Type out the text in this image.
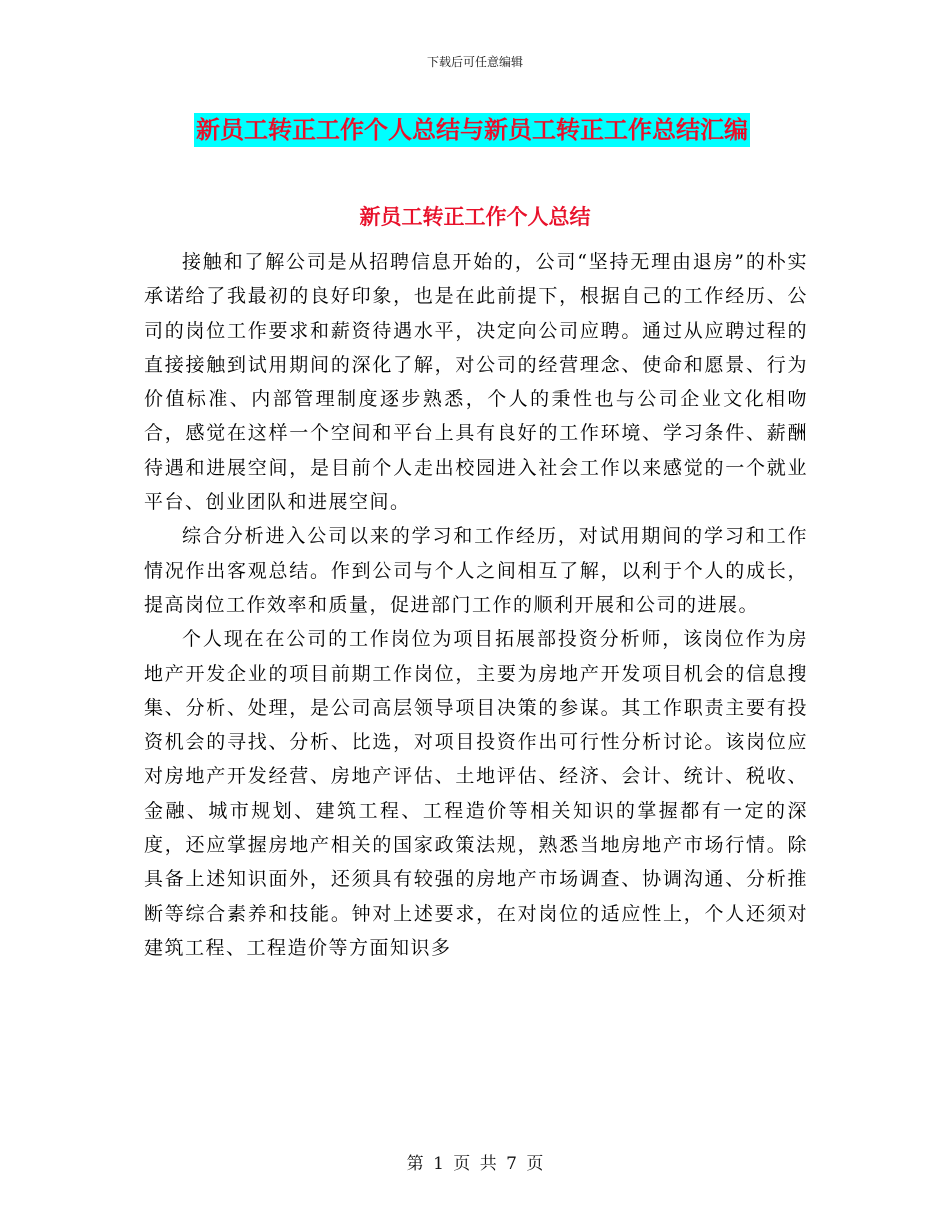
下载后可任意编辑
新员工转正工作个人总结与新员工转正工作总结汇编
新员工转正工作个人总结

接触和了解公司是从招聘信息开始的，公司“坚持无理由退房”的朴实承诺给了我最初的良好印象，也是在此前提下，根据自己的工作经历、公司的岗位工作要求和薪资待遇水平，决定向公司应聘。通过从应聘过程的直接接触到试用期间的深化了解，对公司的经营理念、使命和愿景、行为价值标准、内部管理制度逐步熟悉，个人的秉性也与公司企业文化相吻合，感觉在这样一个空间和平台上具有良好的工作环境、学习条件、薪酬待遇和进展空间，是目前个人走出校园进入社会工作以来感觉的一个就业平台、创业团队和进展空间。

综合分析进入公司以来的学习和工作经历，对试用期间的学习和工作情况作出客观总结。作到公司与个人之间相互了解，以利于个人的成长，提高岗位工作效率和质量，促进部门工作的顺利开展和公司的进展。

个人现在在公司的工作岗位为项目拓展部投资分析师，该岗位作为房地产开发企业的项目前期工作岗位，主要为房地产开发项目机会的信息搜集、分析、处理，是公司高层领导项目决策的参谋。其工作职责主要有投资机会的寻找、分析、比选，对项目投资作出可行性分析讨论。该岗位应对房地产开发经营、房地产评估、土地评估、经济、会计、统计、税收、金融、城市规划、建筑工程、工程造价等相关知识的掌握都有一定的深度，还应掌握房地产相关的国家政策法规，熟悉当地房地产市场行情。除具备上述知识面外，还须具有较强的房地产市场调查、协调沟通、分析推断等综合素养和技能。钟对上述要求，在对岗位的适应性上，个人还须对建筑工程、工程造价等方面知识多

第 1 页 共 7 页
